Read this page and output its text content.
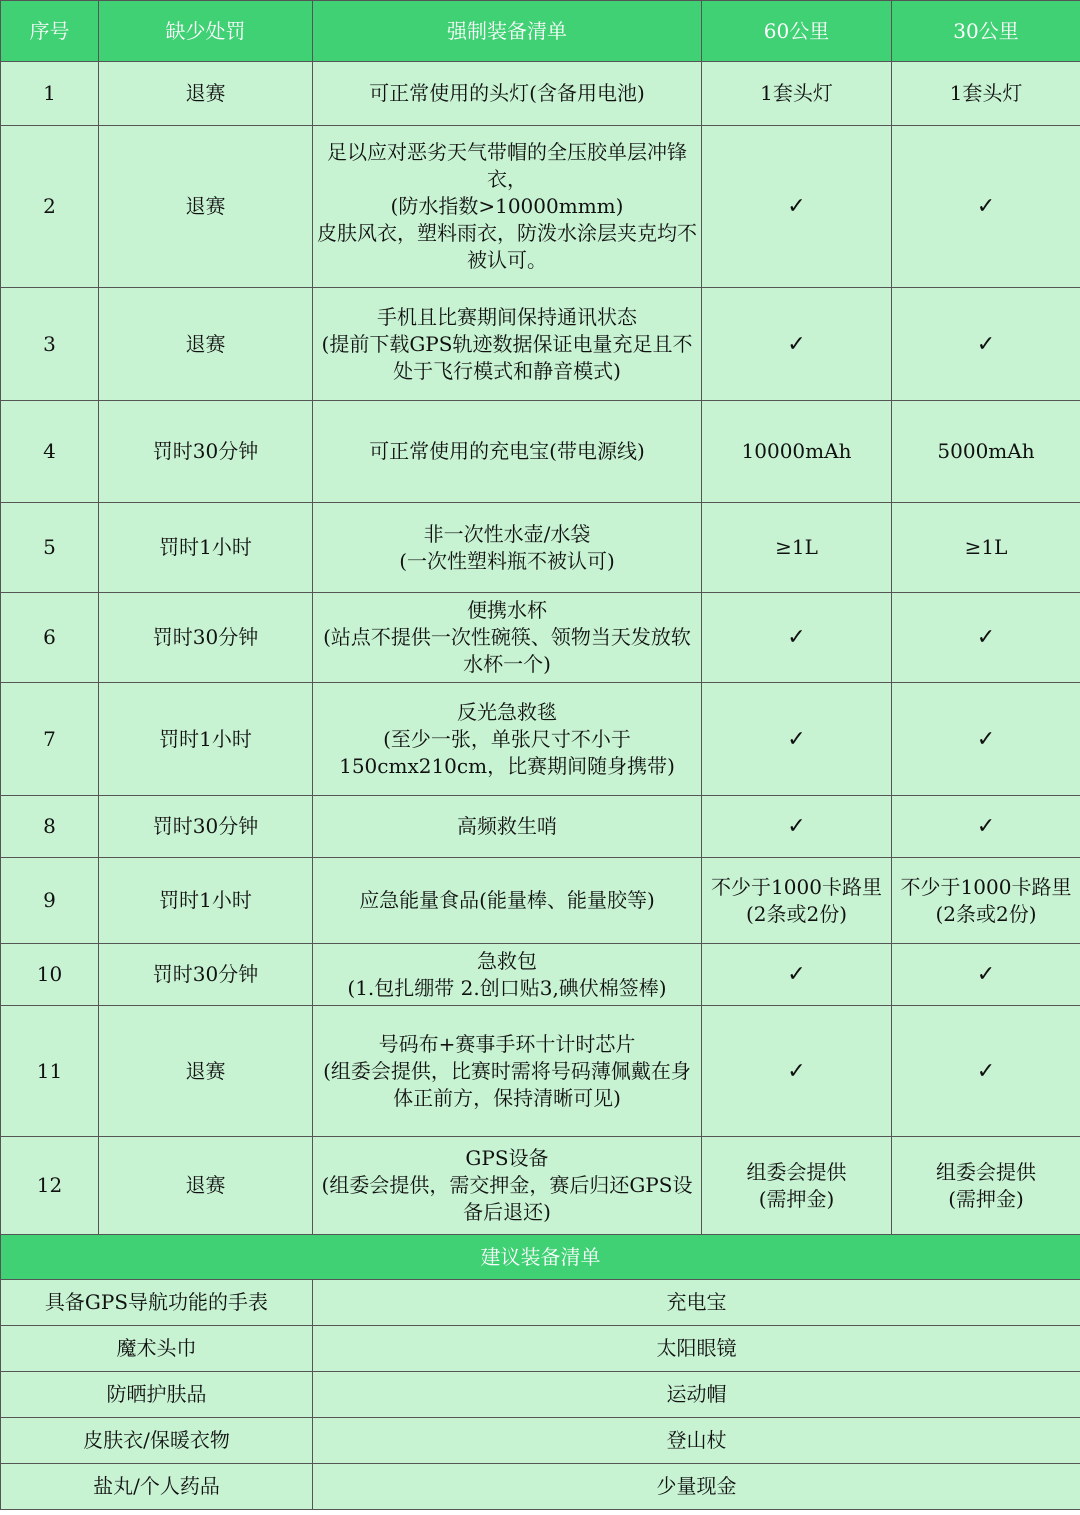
序号	缺少处罚	强制装备清单	60公里	30公里
1	退赛	可正常使用的头灯(含备用电池)	1套头灯	1套头灯
2	退赛	足以应对恶劣天气带帽的全压胶单层冲锋衣，
(防水指数>10000mmm)
皮肤风衣，塑料雨衣，防泼水涂层夹克均不被认可。	✓	✓
3	退赛	手机且比赛期间保持通讯状态
(提前下载GPS轨迹数据保证电量充足且不处于飞行模式和静音模式)	✓	✓
4	罚时30分钟	可正常使用的充电宝(带电源线)	10000mAh	5000mAh
5	罚时1小时	非一次性水壶/水袋
(一次性塑料瓶不被认可)	≥1L	≥1L
6	罚时30分钟	便携水杯
(站点不提供一次性碗筷、领物当天发放软水杯一个)	✓	✓
7	罚时1小时	反光急救毯
(至少一张，单张尺寸不小于150cmx210cm，比赛期间随身携带)	✓	✓
8	罚时30分钟	高频救生哨	✓	✓
9	罚时1小时	应急能量食品(能量棒、能量胶等)	不少于1000卡路里
(2条或2份)	不少于1000卡路里
(2条或2份)
10	罚时30分钟	急救包
(1.包扎绷带 2.创口贴3,碘伏棉签棒)	✓	✓
11	退赛	号码布+赛事手环十计时芯片
(组委会提供，比赛时需将号码薄佩戴在身体正前方，保持清晰可见)	✓	✓
12	退赛	GPS设备
(组委会提供，需交押金，赛后归还GPS设备后退还)	组委会提供
(需押金)	组委会提供
(需押金)
建议装备清单				
具备GPS导航功能的手表		充电宝		
魔术头巾		太阳眼镜		
防晒护肤品		运动帽		
皮肤衣/保暖衣物		登山杖		
盐丸/个人药品		少量现金		
